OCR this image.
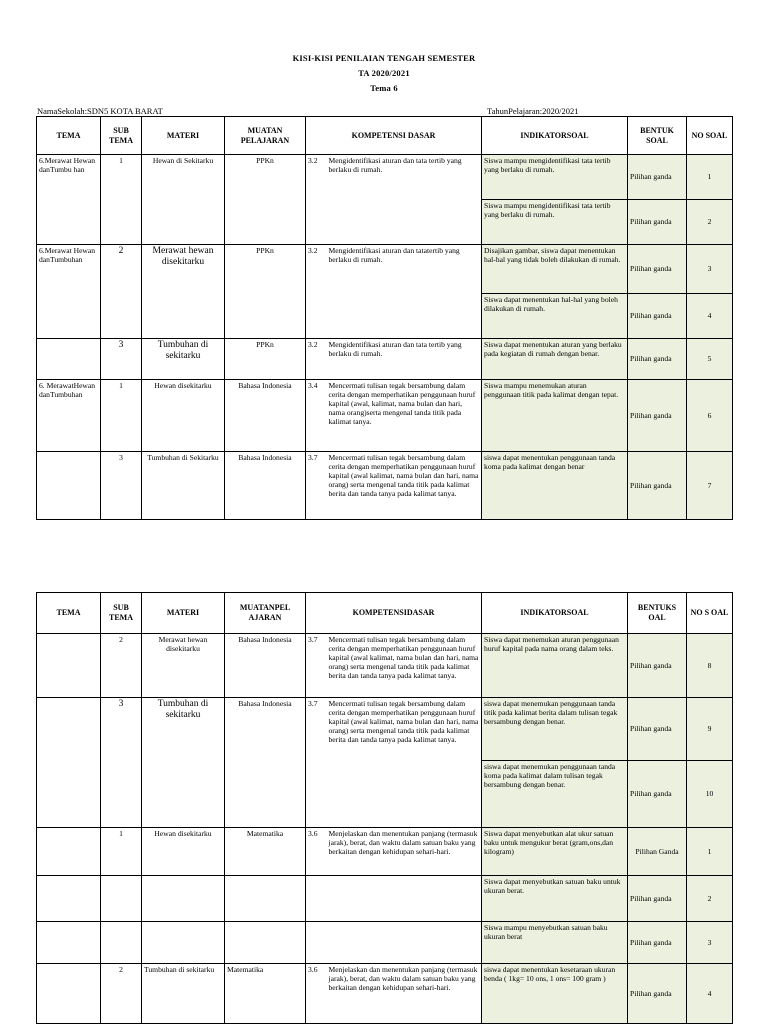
KISI-KISI PENILAIAN TENGAH SEMESTER
TA 2020/2021
Tema 6
NamaSekolah:SDN5 KOTA BARAT	TahunPelajaran:2020/2021
TEMA	SUB TEMA	MATERI	MUATAN PELAJARAN	KOMPETENSI DASAR		INDIKATORSOAL	BENTUK SOAL	NO SOAL
6.Merawat Hewan danTumbu han	1	Hewan di Sekitarku	PPKn	3.2	Mengidentifikasi aturan dan tata tertib yang berlaku di rumah.	Siswa mampu mengidentifikasi tata tertib yang berlaku di rumah.	Pilihan ganda	1
						Siswa mampu mengidentifikasi tata tertib yang berlaku di rumah.	Pilihan ganda	2
6.Merawat Hewan danTumbuhan	2	Merawat hewan disekitarku	PPKn	3.2	Mengidentifikasi aturan dan tatatertib yang berlaku di rumah.	Disajikan gambar, siswa dapat menentukan hal-hal yang tidak boleh dilakukan di rumah.	Pilihan ganda	3
						Siswa dapat menentukan hal-hal yang boleh dilakukan di rumah.	Pilihan ganda	4
	3	Tumbuhan di sekitarku	PPKn	3.2	Mengidentifikasi aturan dan tata tertib yang berlaku di rumah.	Siswa dapat menentukan aturan yang berlaku pada kegiatan di rumah dengan benar.	Pilihan ganda	5
6. MerawatHewan danTumbuhan	1	Hewan disekitarku	Bahasa Indonesia	3.4	Mencermati tulisan tegak bersambung dalam cerita dengan memperhatikan penggunaan huruf kapital (awal, kalimat, nama bulan dan hari, nama orang)serta mengenal tanda titik pada kalimat tanya.	Siswa mampu menemukan aturan penggunaan titik pada kalimat dengan tepat.	Pilihan ganda	6
	3	Tumbuhan di Sekitarku	Bahasa Indonesia	3.7	Mencermati tulisan tegak bersambung dalam cerita dengan memperhatikan penggunaan huruf kapital (awal kalimat, nama bulan dan hari, nama orang) serta mengenal tanda titik pada kalimat berita dan tanda tanya pada kalimat tanya.	siswa dapat menentukan penggunaan tanda koma pada kalimat dengan benar	Pilihan ganda	7
TEMA	SUB TEMA	MATERI	MUATANPEL AJARAN	KOMPETENSIDASAR		INDIKATORSOAL	BENTUKS OAL	NO S OAL
	2	Merawat hewan disekitarku	Bahasa Indonesia	3.7	Mencermati tulisan tegak bersambung dalam cerita dengan memperhatikan penggunaan huruf kapital (awal kalimat, nama bulan dan hari, nama orang) serta mengenal tanda titik pada kalimat berita dan tanda tanya pada kalimat tanya.	Siswa dapat menemukan aturan penggunaan huruf kapital pada nama orang dalam teks.	Pilihan ganda	8
	3	Tumbuhan di sekitarku	Bahasa Indonesia	3.7	Mencermati tulisan tegak bersambung dalam cerita dengan memperhatikan penggunaan huruf kapital (awal kalimat, nama bulan dan hari, nama orang) serta mengenal tanda titik pada kalimat berita dan tanda tanya pada kalimat tanya.	siswa dapat menemukan penggunaan tanda titik pada kalimat berita dalam tulisan tegak bersambung dengan benar.	Pilihan ganda	9
						siswa dapat menemukan penggunaan tanda koma pada kalimat dalam tulisan tegak bersambung dengan benar.	Pilihan ganda	10
	1	Hewan disekitarku	Matematika	3.6	Menjelaskan dan menentukan panjang (termasuk jarak), berat, dan waktu dalam satuan baku yang berkaitan dengan kehidupan sehari-hari.	Siswa dapat menyebutkan alat ukur satuan baku untuk mengukur berat (gram,ons,dan kilogram)	Pilihan Ganda	1
						Siswa dapat menyebutkan satuan baku untuk ukuran berat.	Pilihan ganda	2
						Siswa mampu menyebutkan satuan baku ukuran berat	Pilihan ganda	3
	2	Tumbuhan di sekitarku	Matematika	3.6	Menjelaskan dan menentukan panjang (termasuk jarak), berat, dan waktu dalam satuan baku yang berkaitan dengan kehidupan sehari-hari.	siswa dapat menentukan kesetaraan ukuran benda ( 1kg= 10 ons, 1 ons= 100 gram )	Pilihan ganda	4
